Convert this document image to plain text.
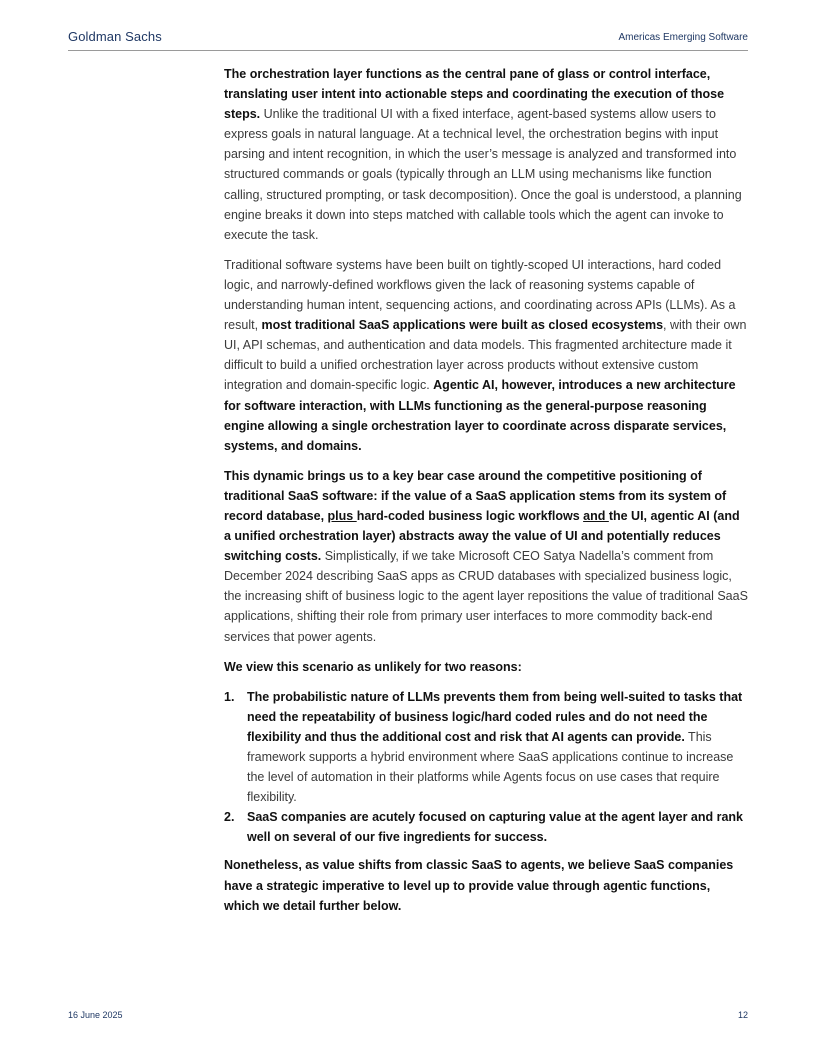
Goldman Sachs	Americas Emerging Software

The orchestration layer functions as the central pane of glass or control interface, translating user intent into actionable steps and coordinating the execution of those steps. Unlike the traditional UI with a fixed interface, agent-based systems allow users to express goals in natural language. At a technical level, the orchestration begins with input parsing and intent recognition, in which the user’s message is analyzed and transformed into structured commands or goals (typically through an LLM using mechanisms like function calling, structured prompting, or task decomposition). Once the goal is understood, a planning engine breaks it down into steps matched with callable tools which the agent can invoke to execute the task.

Traditional software systems have been built on tightly-scoped UI interactions, hard coded logic, and narrowly-defined workflows given the lack of reasoning systems capable of understanding human intent, sequencing actions, and coordinating across APIs (LLMs). As a result, most traditional SaaS applications were built as closed ecosystems, with their own UI, API schemas, and authentication and data models. This fragmented architecture made it difficult to build a unified orchestration layer across products without extensive custom integration and domain-specific logic. Agentic AI, however, introduces a new architecture for software interaction, with LLMs functioning as the general-purpose reasoning engine allowing a single orchestration layer to coordinate across disparate services, systems, and domains.

This dynamic brings us to a key bear case around the competitive positioning of traditional SaaS software: if the value of a SaaS application stems from its system of record database, plus hard-coded business logic workflows and the UI, agentic AI (and a unified orchestration layer) abstracts away the value of UI and potentially reduces switching costs. Simplistically, if we take Microsoft CEO Satya Nadella’s comment from December 2024 describing SaaS apps as CRUD databases with specialized business logic, the increasing shift of business logic to the agent layer repositions the value of traditional SaaS applications, shifting their role from primary user interfaces to more commodity back-end services that power agents.

We view this scenario as unlikely for two reasons:

1. The probabilistic nature of LLMs prevents them from being well-suited to tasks that need the repeatability of business logic/hard coded rules and do not need the flexibility and thus the additional cost and risk that AI agents can provide. This framework supports a hybrid environment where SaaS applications continue to increase the level of automation in their platforms while Agents focus on use cases that require flexibility.
2. SaaS companies are acutely focused on capturing value at the agent layer and rank well on several of our five ingredients for success.

Nonetheless, as value shifts from classic SaaS to agents, we believe SaaS companies have a strategic imperative to level up to provide value through agentic functions, which we detail further below.

16 June 2025	12
